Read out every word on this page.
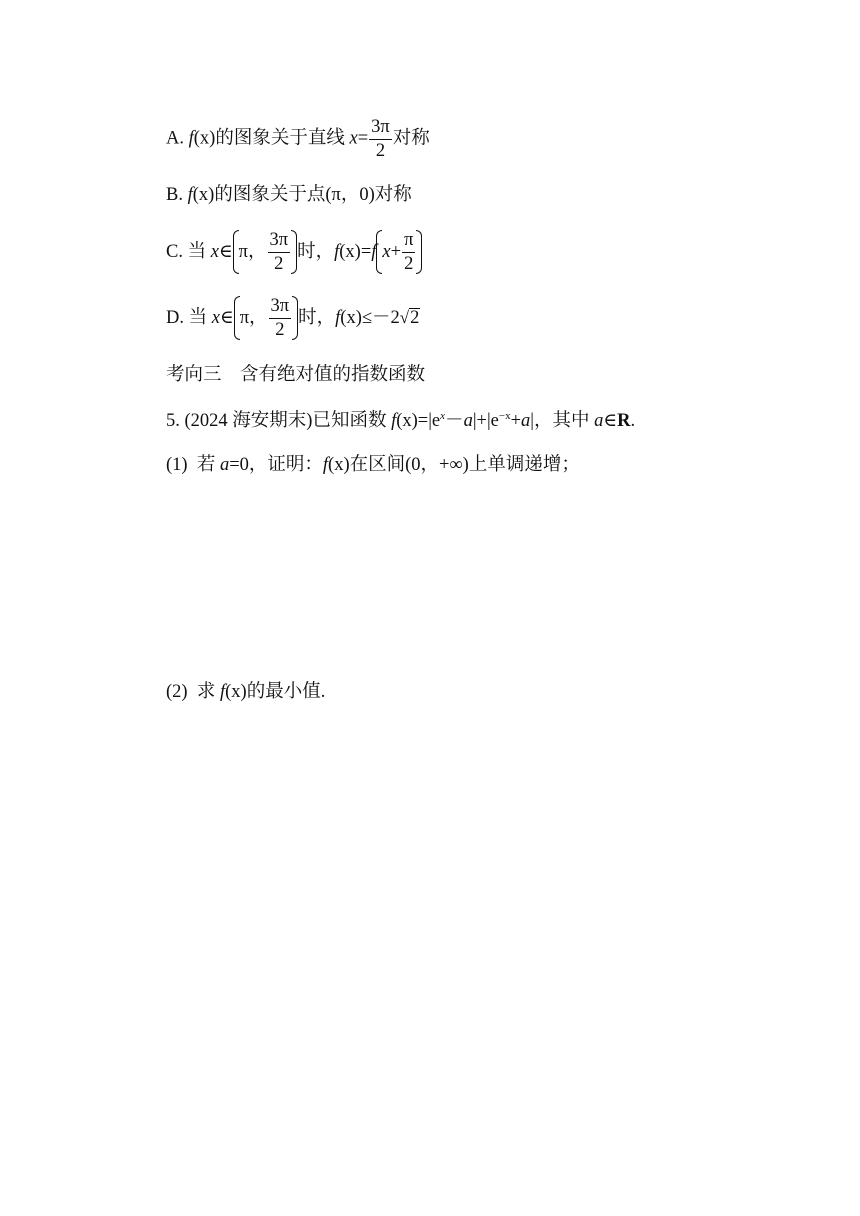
A. f(x)的图象关于直线 $x= \frac{3\pi}{2}$ 对称
B. f(x)的图象关于点(π，0)对称
C.
当
x ∈ π， $\frac{3\pi}{2}$ 时， f (x) = f $x + \frac{\pi}{2}$
D.
当
x ∈ π， $\frac{3\pi}{2}$ 时， f (x) ≤－2 √2
考向三　含有绝对值的指数函数
5. (2024 海安期末)已知函数 $f(x)=|e^x-a|+|e^{-x}+a|$，其中 a∈R.
(1) 若 a=0，证明：f(x)在区间(0，+∞)上单调递增；
(2) 求 f(x)的最小值.
